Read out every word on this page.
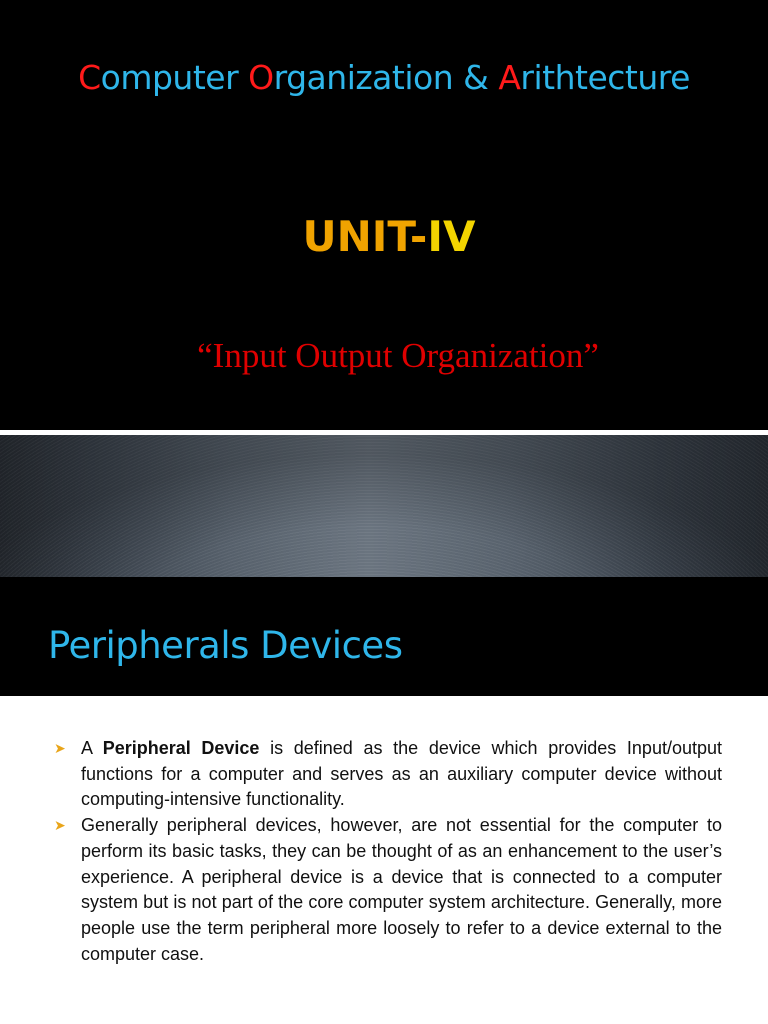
Computer Organization & Arithtecture
UNIT-IV
“Input Output Organization”
Peripherals Devices
➤ A Peripheral Device is defined as the device which provides Input/output functions for a computer and serves as an auxiliary computer device without computing-intensive functionality.
➤ Generally peripheral devices, however, are not essential for the computer to perform its basic tasks, they can be thought of as an enhancement to the user’s experience. A peripheral device is a device that is connected to a computer system but is not part of the core computer system architecture. Generally, more people use the term peripheral more loosely to refer to a device external to the computer case.
